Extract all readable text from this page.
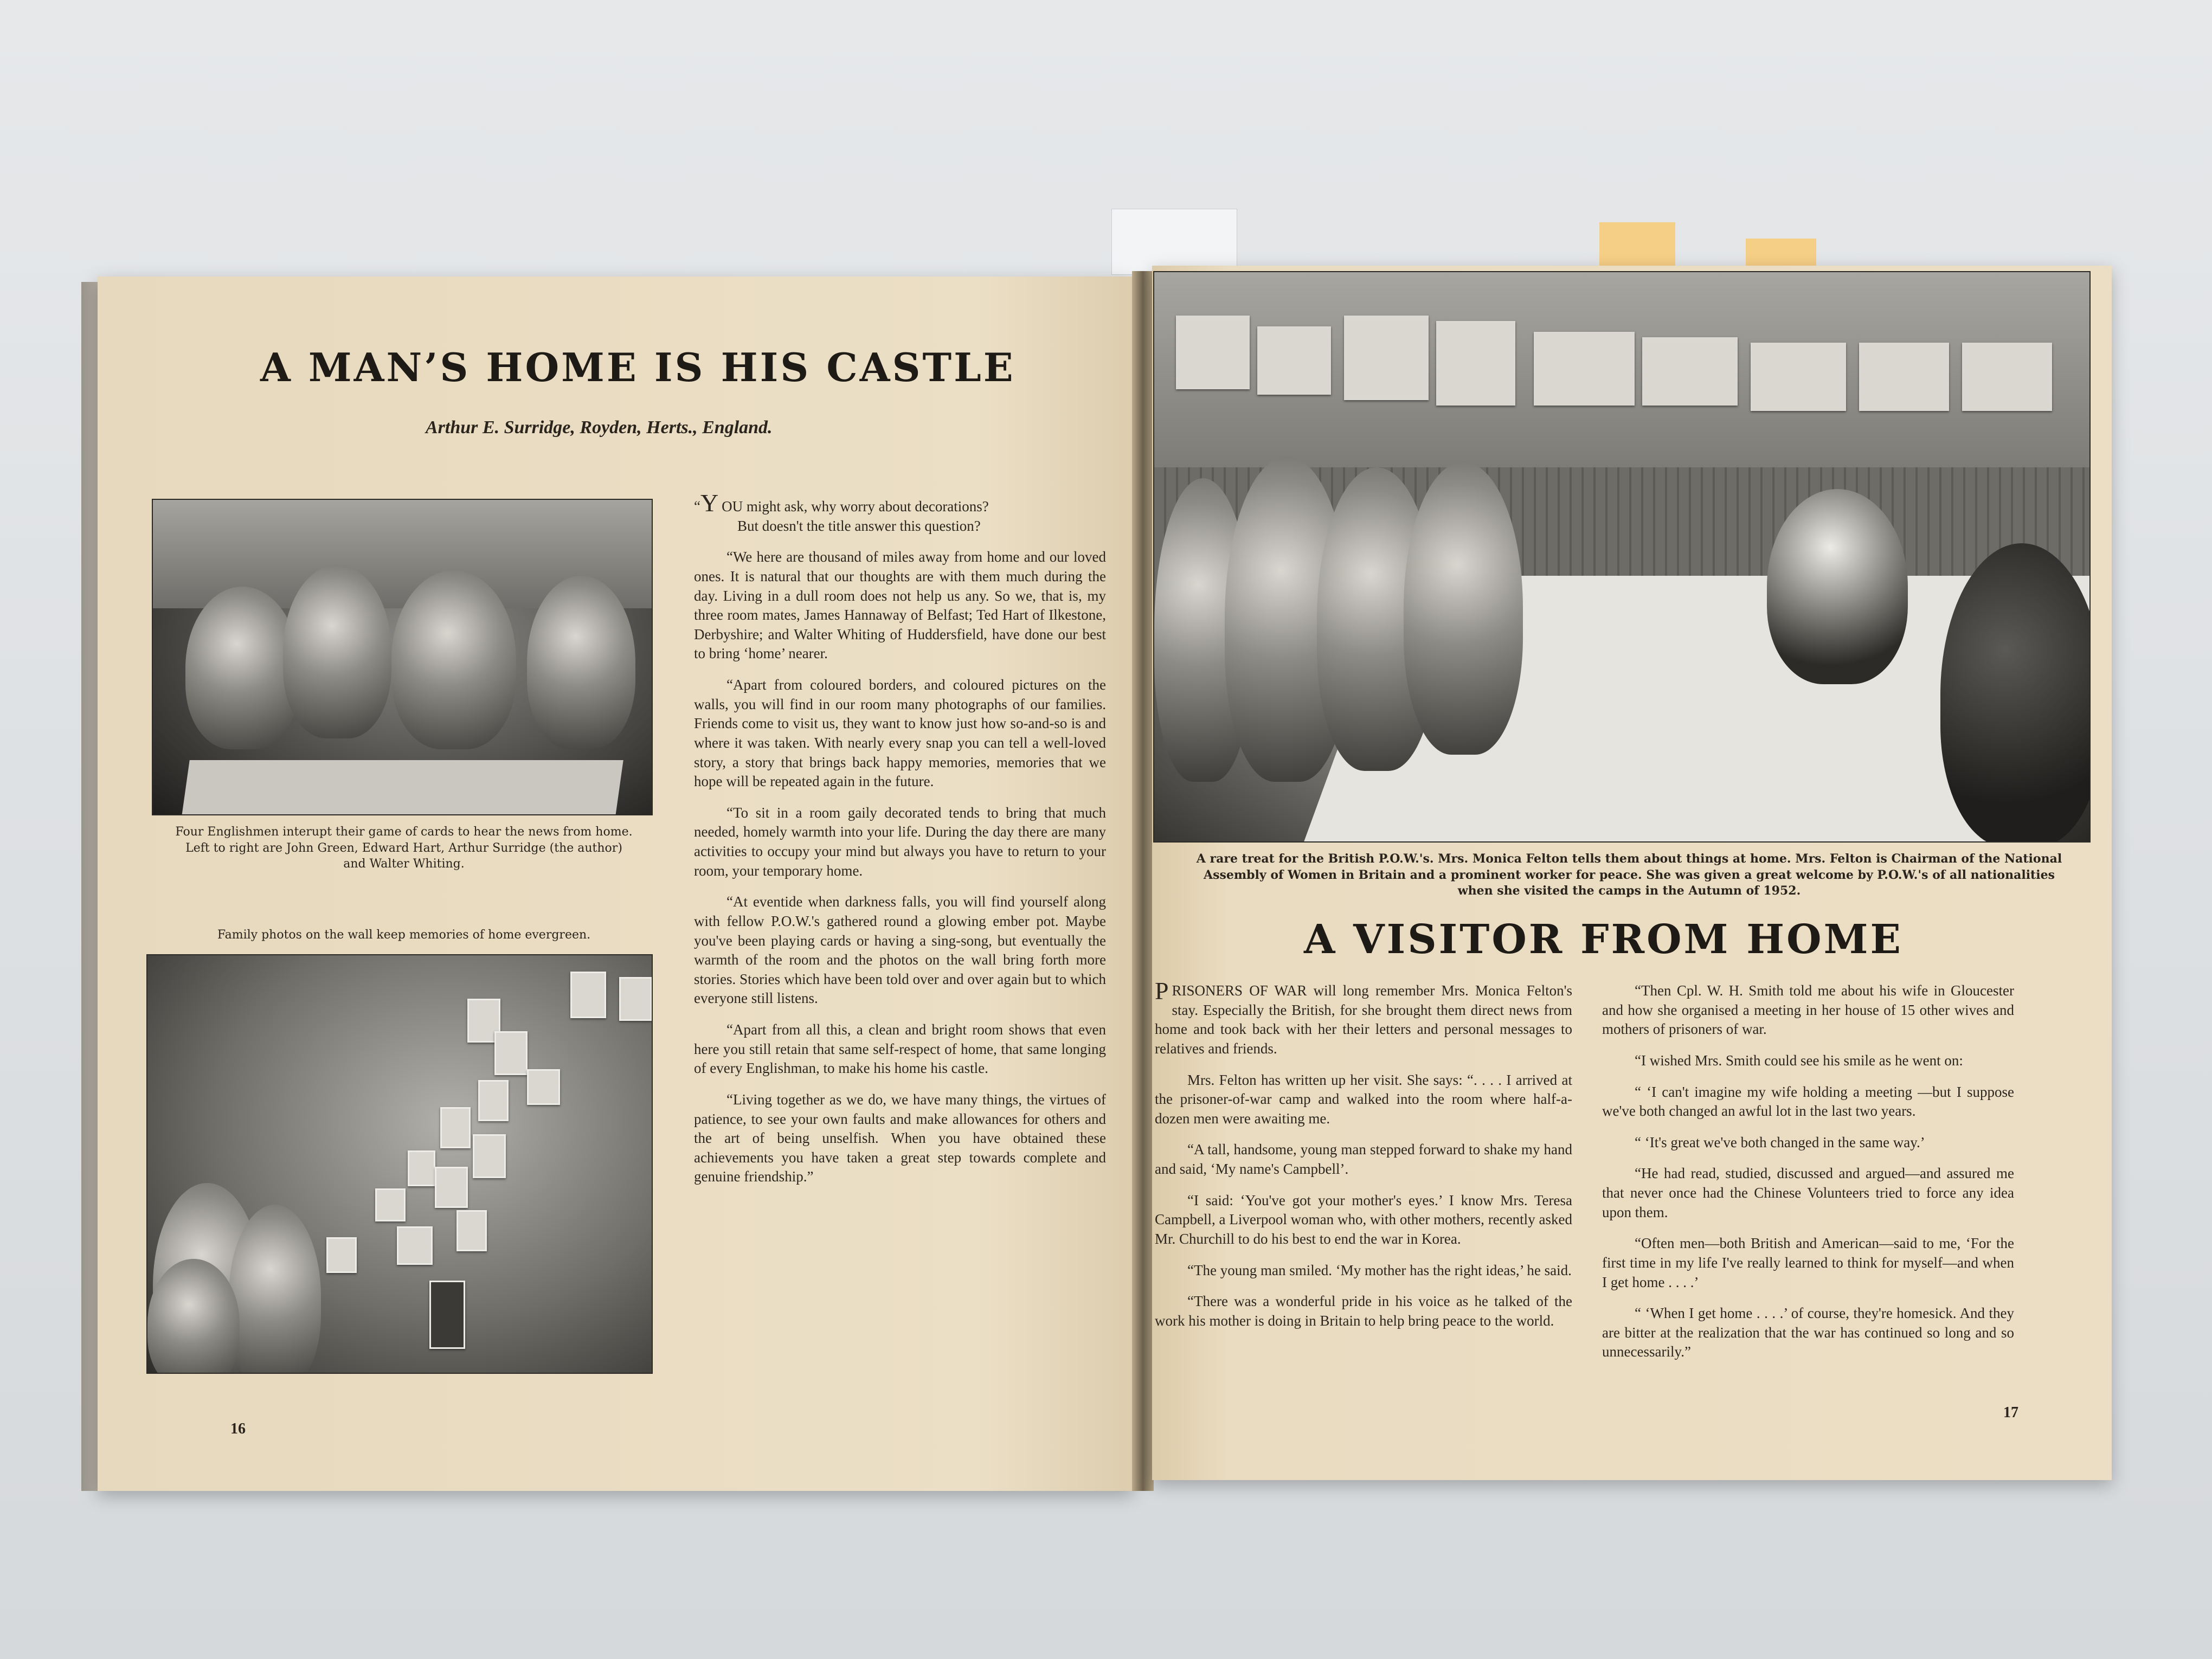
A MAN’S HOME IS HIS CASTLE
Arthur E. Surridge, Royden, Herts., England.
Four Englishmen interupt their game of cards to hear the news from home. Left to right are John Green, Edward Hart, Arthur Surridge (the author) and Walter Whiting.
Family photos on the wall keep memories of home evergreen.

“Y OU might ask, why worry about decorations?
But doesn't the title answer this question?

“We here are thousand of miles away from home and our loved ones. It is natural that our thoughts are with them much during the day. Living in a dull room does not help us any. So we, that is, my three room mates, James Hannaway of Belfast; Ted Hart of Ilkestone, Derbyshire; and Walter Whiting of Huddersfield, have done our best to bring ‘home’ nearer.

“Apart from coloured borders, and coloured pictures on the walls, you will find in our room many photographs of our families. Friends come to visit us, they want to know just how so-and-so is and where it was taken. With nearly every snap you can tell a well-loved story, a story that brings back happy memories, memories that we hope will be repeated again in the future.

“To sit in a room gaily decorated tends to bring that much needed, homely warmth into your life. During the day there are many activities to occupy your mind but always you have to return to your room, your temporary home.

“At eventide when darkness falls, you will find yourself along with fellow P.O.W.'s gathered round a glowing ember pot. Maybe you've been playing cards or having a sing-song, but eventually the warmth of the room and the photos on the wall bring forth more stories. Stories which have been told over and over again but to which everyone still listens.

“Apart from all this, a clean and bright room shows that even here you still retain that same self-respect of home, that same longing of every Englishman, to make his home his castle.

“Living together as we do, we have many things, the virtues of patience, to see your own faults and make allowances for others and the art of being unselfish. When you have obtained these achievements you have taken a great step towards complete and genuine friendship.”

16
A rare treat for the British P.O.W.'s. Mrs. Monica Felton tells them about things at home. Mrs. Felton is Chairman of the National Assembly of Women in Britain and a prominent worker for peace. She was given a great welcome by P.O.W.'s of all nationalities when she visited the camps in the Autumn of 1952.
A VISITOR FROM HOME

PRISONERS OF WAR will long remember Mrs. Monica Felton's stay. Especially the British, for she brought them direct news from home and took back with her their letters and personal messages to relatives and friends.

Mrs. Felton has written up her visit. She says: “. . . . I arrived at the prisoner-of-war camp and walked into the room where half-a-dozen men were awaiting me.

“A tall, handsome, young man stepped forward to shake my hand and said, ‘My name's Campbell’.

“I said: ‘You've got your mother's eyes.’ I know Mrs. Teresa Campbell, a Liverpool woman who, with other mothers, recently asked Mr. Churchill to do his best to end the war in Korea.

“The young man smiled. ‘My mother has the right ideas,’ he said.

“There was a wonderful pride in his voice as he talked of the work his mother is doing in Britain to help bring peace to the world.

“Then Cpl. W. H. Smith told me about his wife in Gloucester and how she organised a meeting in her house of 15 other wives and mothers of prisoners of war.

“I wished Mrs. Smith could see his smile as he went on:

“ ‘I can't imagine my wife holding a meeting —but I suppose we've both changed an awful lot in the last two years.

“ ‘It's great we've both changed in the same way.’

“He had read, studied, discussed and argued—and assured me that never once had the Chinese Volunteers tried to force any idea upon them.

“Often men—both British and American—said to me, ‘For the first time in my life I've really learned to think for myself—and when I get home . . . .’

“ ‘When I get home . . . .’ of course, they're homesick. And they are bitter at the realization that the war has continued so long and so unnecessarily.”

17
